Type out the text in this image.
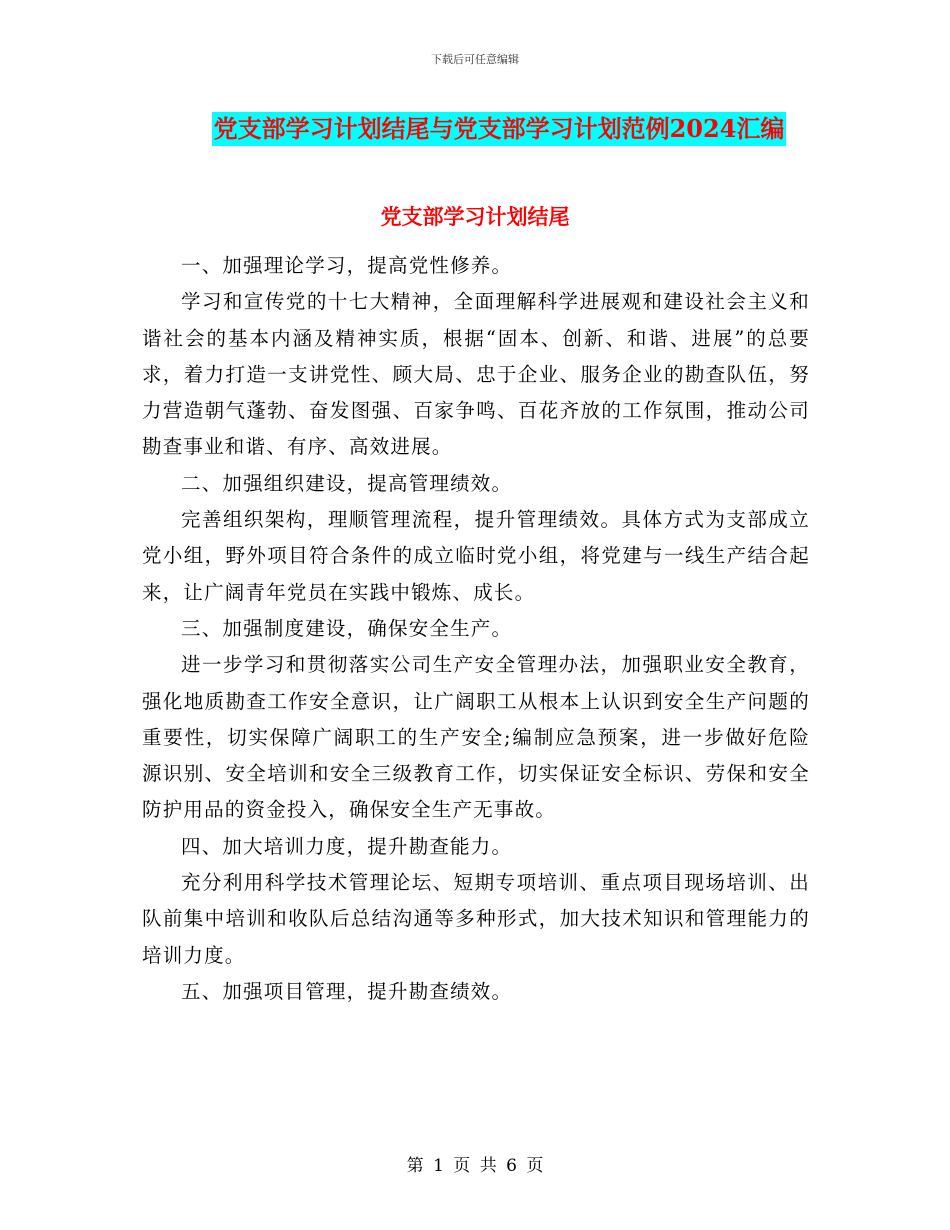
下载后可任意编辑
党支部学习计划结尾与党支部学习计划范例2024汇编
党支部学习计划结尾

一、加强理论学习，提高党性修养。

学习和宣传党的十七大精神，全面理解科学进展观和建设社会主义和谐社会的基本内涵及精神实质，根据“固本、创新、和谐、进展”的总要求，着力打造一支讲党性、顾大局、忠于企业、服务企业的勘查队伍，努力营造朝气蓬勃、奋发图强、百家争鸣、百花齐放的工作氛围，推动公司勘查事业和谐、有序、高效进展。

二、加强组织建设，提高管理绩效。

完善组织架构，理顺管理流程，提升管理绩效。具体方式为支部成立党小组，野外项目符合条件的成立临时党小组，将党建与一线生产结合起来，让广阔青年党员在实践中锻炼、成长。

三、加强制度建设，确保安全生产。

进一步学习和贯彻落实公司生产安全管理办法，加强职业安全教育，强化地质勘查工作安全意识，让广阔职工从根本上认识到安全生产问题的重要性，切实保障广阔职工的生产安全;编制应急预案，进一步做好危险源识别、安全培训和安全三级教育工作，切实保证安全标识、劳保和安全防护用品的资金投入，确保安全生产无事故。

四、加大培训力度，提升勘查能力。

充分利用科学技术管理论坛、短期专项培训、重点项目现场培训、出队前集中培训和收队后总结沟通等多种形式，加大技术知识和管理能力的培训力度。

五、加强项目管理，提升勘查绩效。

第 1 页 共 6 页
